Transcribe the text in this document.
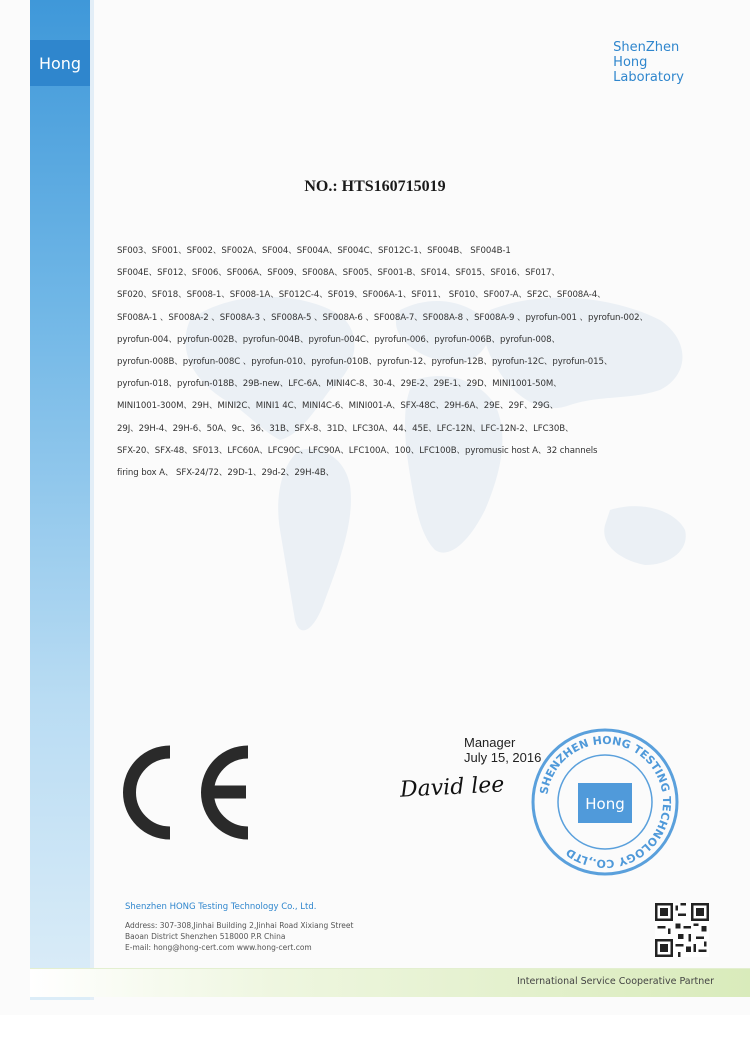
Hong
ShenZhen
Hong
Laboratory
NO.: HTS160715019
SF003、SF001、SF002、SF002A、SF004、SF004A、SF004C、SF012C-1、SF004B、 SF004B-1
SF004E、SF012、SF006、SF006A、SF009、SF008A、SF005、SF001-B、SF014、SF015、SF016、SF017、
SF020、SF018、SF008-1、SF008-1A、SF012C-4、SF019、SF006A-1、SF011、 SF010、SF007-A、SF2C、SF008A-4、
SF008A-1 、SF008A-2 、SF008A-3 、SF008A-5 、SF008A-6 、SF008A-7、SF008A-8 、SF008A-9 、pyrofun-001 、pyrofun-002、
pyrofun-004、pyrofun-002B、pyrofun-004B、pyrofun-004C、pyrofun-006、pyrofun-006B、pyrofun-008、
pyrofun-008B、pyrofun-008C 、pyrofun-010、pyrofun-010B、pyrofun-12、pyrofun-12B、pyrofun-12C、pyrofun-015、
pyrofun-018、pyrofun-018B、29B-new、LFC-6A、MINI4C-8、30-4、29E-2、29E-1、29D、MINI1001-50M、
MINI1001-300M、29H、MINI2C、MINI1 4C、MINI4C-6、MINI001-A、SFX-48C、29H-6A、29E、29F、29G、
29J、29H-4、29H-6、50A、9c、36、31B、SFX-8、31D、LFC30A、44、45E、LFC-12N、LFC-12N-2、LFC30B、
SFX-20、SFX-48、SF013、LFC60A、LFC90C、LFC90A、LFC100A、100、LFC100B、pyromusic host A、32 channels
firing box A、 SFX-24/72、29D-1、29d-2、29H-4B、
Manager
July 15, 2016
David lee	SHENZHEN HONG TESTING TECHNOLOGY CO.,LTD
Hong
Shenzhen HONG Testing Technology Co., Ltd.
Address: 307-308,Jinhai Building 2,Jinhai Road Xixiang Street
Baoan District Shenzhen 518000 P.R China
E-mail: hong@hong-cert.com www.hong-cert.com
International Service Cooperative Partner
